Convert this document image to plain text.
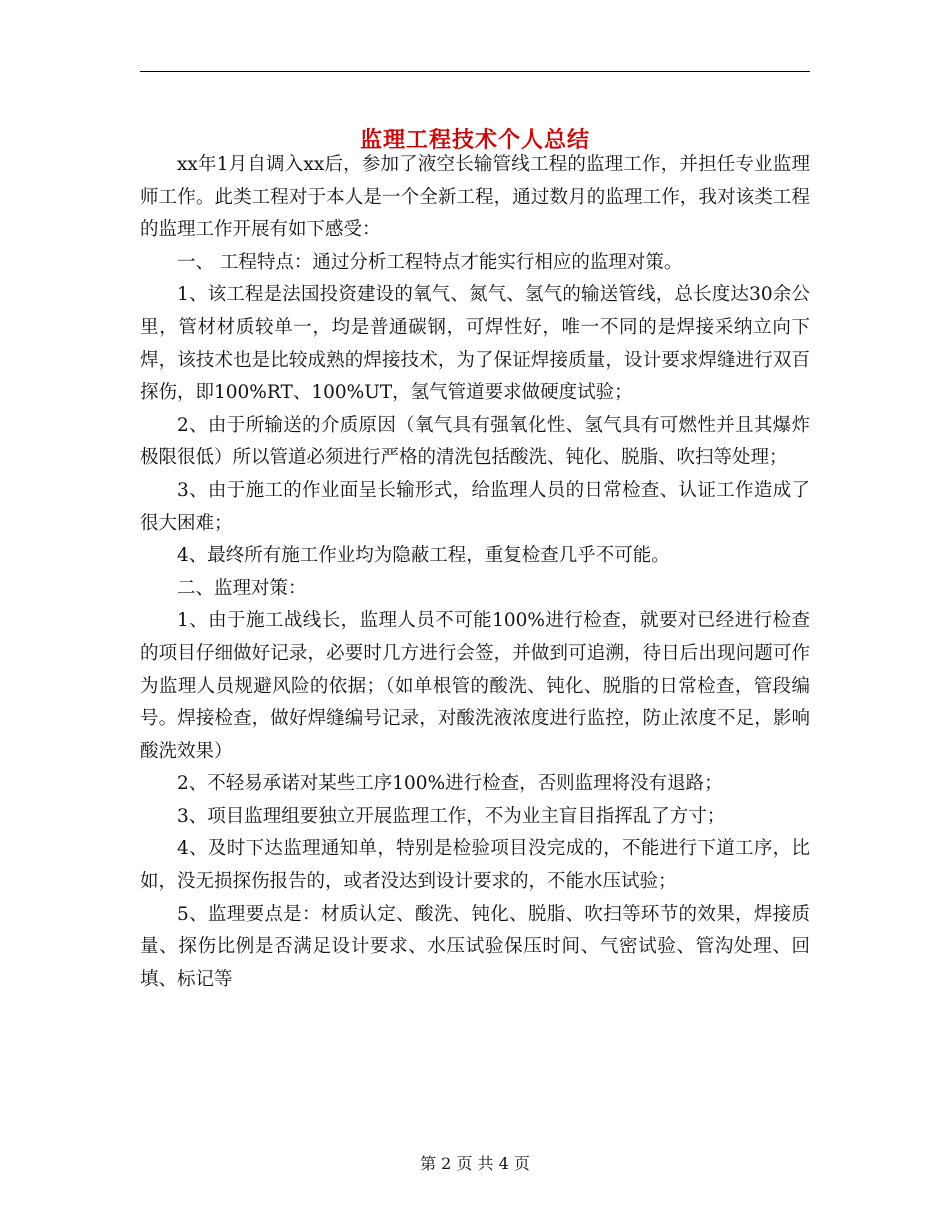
监理工程技术个人总结

xx年1月自调入xx后，参加了液空长输管线工程的监理工作，并担任专业监理师工作。此类工程对于本人是一个全新工程，通过数月的监理工作，我对该类工程的监理工作开展有如下感受：

一、 工程特点：通过分析工程特点才能实行相应的监理对策。

1、该工程是法国投资建设的氧气、氮气、氢气的输送管线，总长度达30余公里，管材材质较单一，均是普通碳钢，可焊性好，唯一不同的是焊接采纳立向下焊，该技术也是比较成熟的焊接技术，为了保证焊接质量，设计要求焊缝进行双百探伤，即100%RT、100%UT，氢气管道要求做硬度试验；

2、由于所输送的介质原因（氧气具有强氧化性、氢气具有可燃性并且其爆炸极限很低）所以管道必须进行严格的清洗包括酸洗、钝化、脱脂、吹扫等处理；

3、由于施工的作业面呈长输形式，给监理人员的日常检查、认证工作造成了很大困难；

4、最终所有施工作业均为隐蔽工程，重复检查几乎不可能。

二、监理对策：

1、由于施工战线长，监理人员不可能100%进行检查，就要对已经进行检查的项目仔细做好记录，必要时几方进行会签，并做到可追溯，待日后出现问题可作为监理人员规避风险的依据；（如单根管的酸洗、钝化、脱脂的日常检查，管段编号。焊接检查，做好焊缝编号记录，对酸洗液浓度进行监控，防止浓度不足，影响酸洗效果）

2、不轻易承诺对某些工序100%进行检查，否则监理将没有退路；

3、项目监理组要独立开展监理工作，不为业主盲目指挥乱了方寸；

4、及时下达监理通知单，特别是检验项目没完成的，不能进行下道工序，比如，没无损探伤报告的，或者没达到设计要求的，不能水压试验；

5、监理要点是：材质认定、酸洗、钝化、脱脂、吹扫等环节的效果，焊接质量、探伤比例是否满足设计要求、水压试验保压时间、气密试验、管沟处理、回填、标记等

第 2 页 共 4 页
